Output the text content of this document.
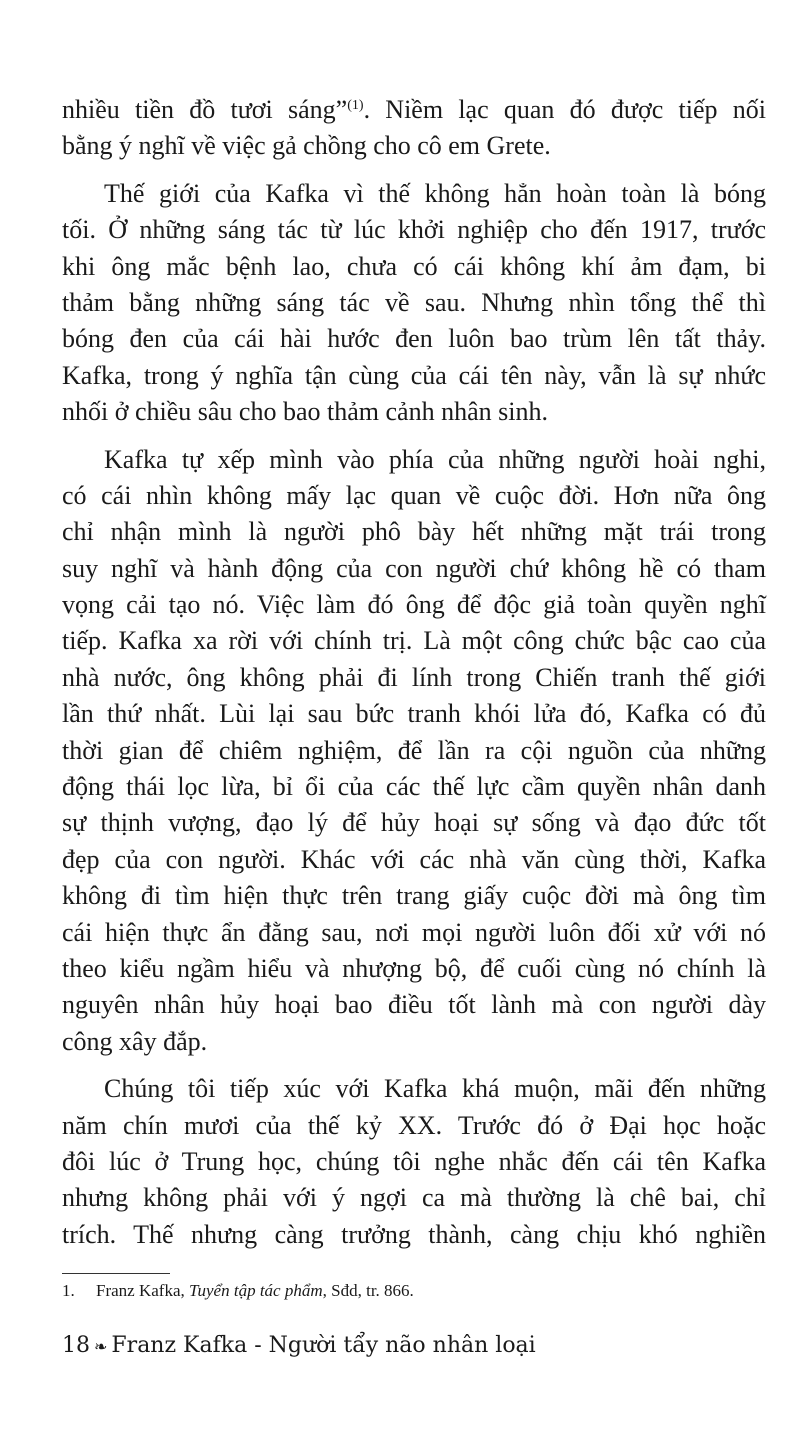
nhiều tiền đồ tươi sáng”$^{(1)}$. Niềm lạc quan đó được tiếp nối
bằng ý nghĩ về việc gả chồng cho cô em Grete.
Thế giới của Kafka vì thế không hẳn hoàn toàn là bóng
tối. Ở những sáng tác từ lúc khởi nghiệp cho đến 1917, trước
khi ông mắc bệnh lao, chưa có cái không khí ảm đạm, bi
thảm bằng những sáng tác về sau. Nhưng nhìn tổng thể thì
bóng đen của cái hài hước đen luôn bao trùm lên tất thảy.
Kafka, trong ý nghĩa tận cùng của cái tên này, vẫn là sự nhức
nhối ở chiều sâu cho bao thảm cảnh nhân sinh.
Kafka tự xếp mình vào phía của những người hoài nghi,
có cái nhìn không mấy lạc quan về cuộc đời. Hơn nữa ông
chỉ nhận mình là người phô bày hết những mặt trái trong
suy nghĩ và hành động của con người chứ không hề có tham
vọng cải tạo nó. Việc làm đó ông để độc giả toàn quyền nghĩ
tiếp. Kafka xa rời với chính trị. Là một công chức bậc cao của
nhà nước, ông không phải đi lính trong Chiến tranh thế giới
lần thứ nhất. Lùi lại sau bức tranh khói lửa đó, Kafka có đủ
thời gian để chiêm nghiệm, để lần ra cội nguồn của những
động thái lọc lừa, bỉ ổi của các thế lực cầm quyền nhân danh
sự thịnh vượng, đạo lý để hủy hoại sự sống và đạo đức tốt
đẹp của con người. Khác với các nhà văn cùng thời, Kafka
không đi tìm hiện thực trên trang giấy cuộc đời mà ông tìm
cái hiện thực ẩn đằng sau, nơi mọi người luôn đối xử với nó
theo kiểu ngầm hiểu và nhượng bộ, để cuối cùng nó chính là
nguyên nhân hủy hoại bao điều tốt lành mà con người dày
công xây đắp.
Chúng tôi tiếp xúc với Kafka khá muộn, mãi đến những
năm chín mươi của thế kỷ XX. Trước đó ở Đại học hoặc
đôi lúc ở Trung học, chúng tôi nghe nhắc đến cái tên Kafka
nhưng không phải với ý ngợi ca mà thường là chê bai, chỉ
trích. Thế nhưng càng trưởng thành, càng chịu khó nghiền
1. Franz Kafka, Tuyển tập tác phẩm, Sđd, tr. 866.
18 ❧ Franz Kafka - Người tẩy não nhân loại
